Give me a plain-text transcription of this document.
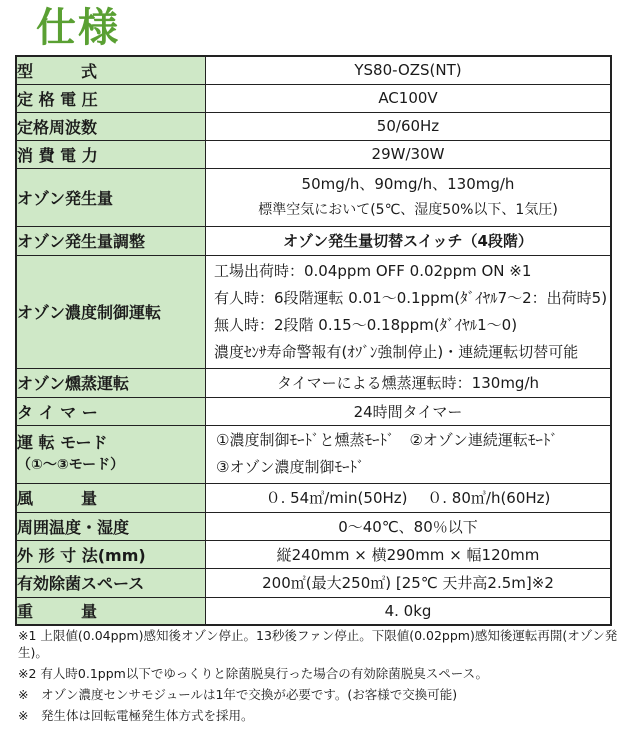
仕様
型　　　式	YS80-OZS(NT)
定 格 電 圧	AC100V
定格周波数	50/60Hz
消 費 電 力	29W/30W
オゾン発生量	50mg/h、90mg/h、130mg/h
標準空気において(5℃、湿度50%以下、1気圧)

オゾン発生量調整	オゾン発生量切替スイッチ（4段階）
オゾン濃度制御運転	工場出荷時：0.04ppm OFF 0.02ppm ON ※1
有人時：6段階運転 0.01～0.1ppm(ﾀﾞｲﾔﾙ7～2：出荷時5)
無人時：2段階 0.15～0.18ppm(ﾀﾞｲﾔﾙ1～0)
濃度ｾﾝｻ寿命警報有(ｵｿﾞﾝ強制停止)・連続運転切替可能

オゾン燻蒸運転	タイマーによる燻蒸運転時：130mg/h
タ イ マ ー	24時間タイマー

運 転 モード
（①～③モード）	①濃度制御ﾓｰﾄﾞと燻蒸ﾓｰﾄﾞ　②オゾン連続運転ﾓｰﾄﾞ
③オゾン濃度制御ﾓｰﾄﾞ

風　　　量	０. 54㎥/min(50Hz)　 ０. 80㎥/h(60Hz)
周囲温度・湿度	0～40℃、80％以下
外 形 寸 法(mm)	縦240mm × 横290mm × 幅120mm
有効除菌スペース	200㎡(最大250㎡) [25℃ 天井高2.5m]※2
重　　　量	4. 0kg
※1 上限値(0.04ppm)感知後オゾン停止。13秒後ファン停止。下限値(0.02ppm)感知後運転再開(オゾン発生)。
※2 有人時0.1ppm以下でゆっくりと除菌脱臭行った場合の有効除菌脱臭スペース。
※　オゾン濃度センサモジュールは1年で交換が必要です。(お客様で交換可能)
※　発生体は回転電極発生体方式を採用。
